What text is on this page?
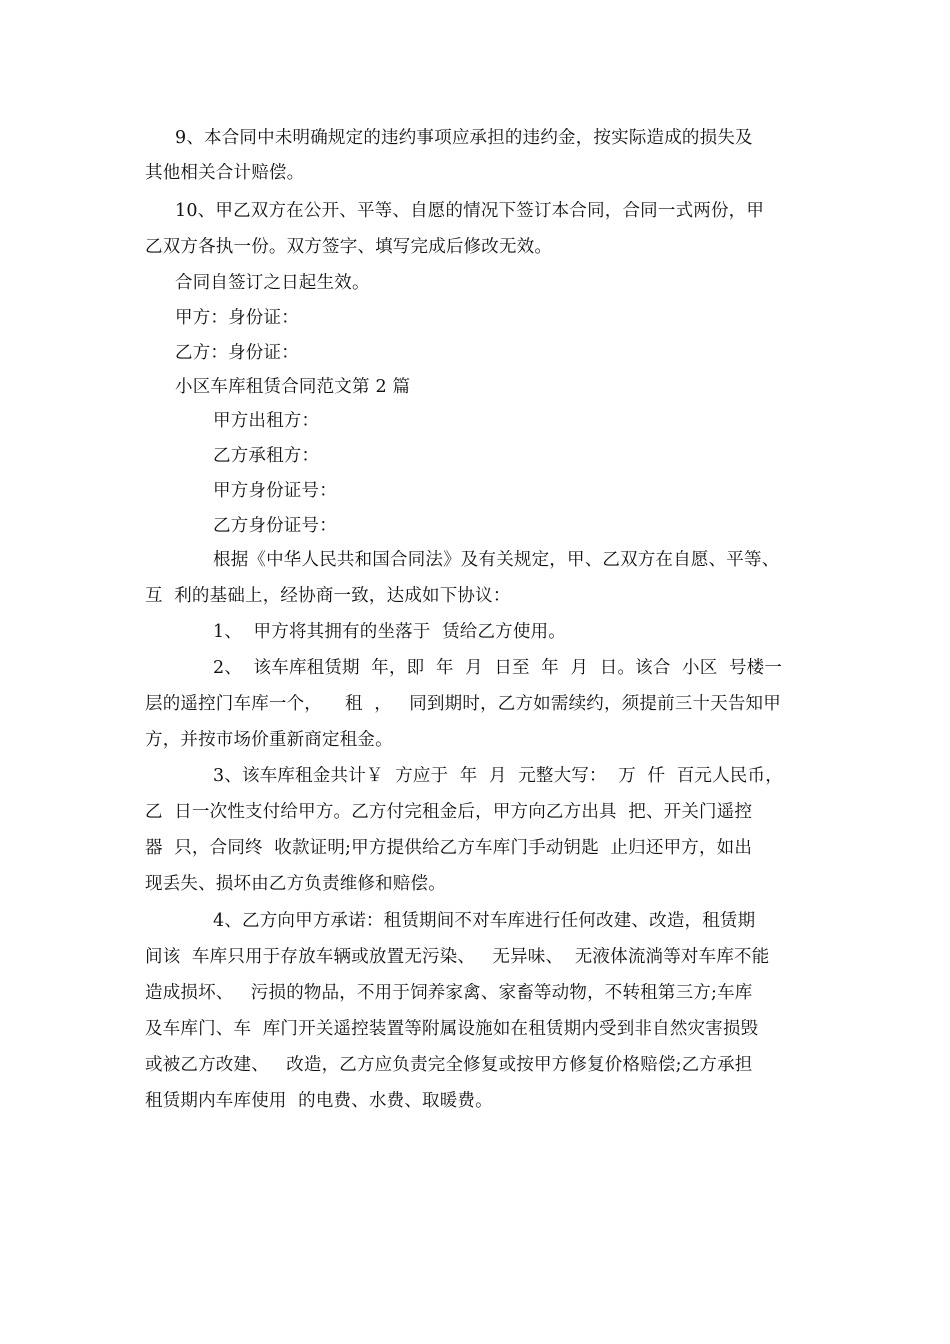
9、本合同中未明确规定的违约事项应承担的违约金，按实际造成的损失及
其他相关合计赔偿。
10、甲乙双方在公开、平等、自愿的情况下签订本合同，合同一式两份，甲
乙双方各执一份。双方签字、填写完成后修改无效。
合同自签订之日起生效。
甲方：身份证：
乙方：身份证：
小区车库租赁合同范文第 2 篇
甲方出租方：
乙方承租方：
甲方身份证号：
乙方身份证号：
根据《中华人民共和国合同法》及有关规定，甲、乙双方在自愿、平等、
互  利的基础上，经协商一致，达成如下协议：
1、  甲方将其拥有的坐落于  赁给乙方使用。
2、  该车库租赁期  年，即  年  月  日至  年  月  日。该合  小区  号楼一
层的遥控门车库一个，    租  ，   同到期时，乙方如需续约，须提前三十天告知甲
方，并按市场价重新商定租金。
3、该车库租金共计￥  方应于  年  月  元整大写：  万  仟  百元人民币，
乙  日一次性支付给甲方。乙方付完租金后，甲方向乙方出具  把、开关门遥控
器  只，合同终  收款证明;甲方提供给乙方车库门手动钥匙  止归还甲方，如出
现丢失、损坏由乙方负责维修和赔偿。
4、乙方向甲方承诺：租赁期间不对车库进行任何改建、改造，租赁期
间该  车库只用于存放车辆或放置无污染、   无异味、  无液体流淌等对车库不能
造成损坏、   污损的物品，不用于饲养家禽、家畜等动物，不转租第三方;车库
及车库门、车  库门开关遥控装置等附属设施如在租赁期内受到非自然灾害损毁
或被乙方改建、   改造，乙方应负责完全修复或按甲方修复价格赔偿;乙方承担
租赁期内车库使用  的电费、水费、取暖费。
